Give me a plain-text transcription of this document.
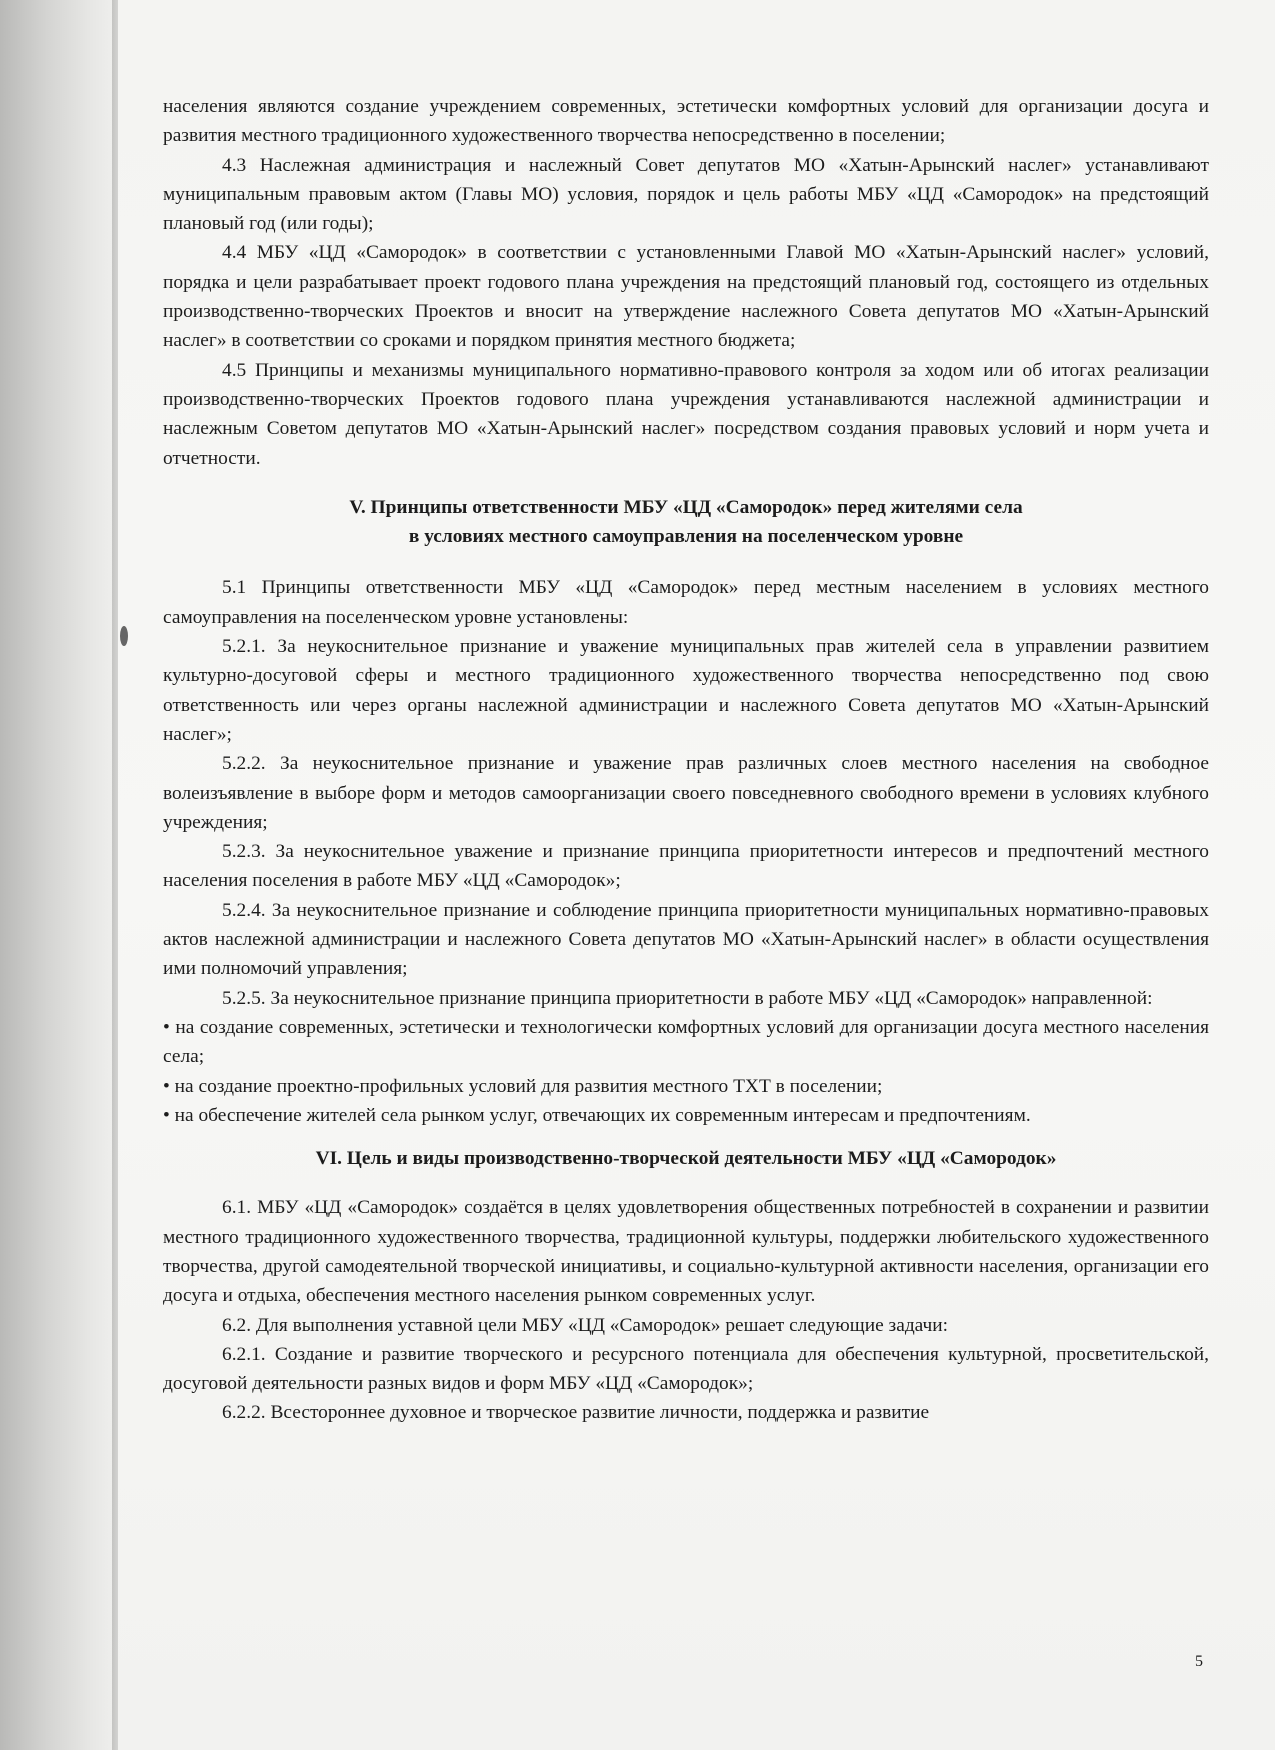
населения являются создание учреждением современных, эстетически комфортных условий для организации досуга и развития местного традиционного художественного творчества непосредственно в поселении;

4.3 Наслежная администрация и наслежный Совет депутатов МО «Хатын-Арынский наслег» устанавливают муниципальным правовым актом (Главы МО) условия, порядок и цель работы МБУ «ЦД «Самородок» на предстоящий плановый год (или годы);

4.4 МБУ «ЦД «Самородок» в соответствии с установленными Главой МО «Хатын-Арынский наслег» условий, порядка и цели разрабатывает проект годового плана учреждения на предстоящий плановый год, состоящего из отдельных производственно-творческих Проектов и вносит на утверждение наслежного Совета депутатов МО «Хатын-Арынский наслег» в соответствии со сроками и порядком принятия местного бюджета;

4.5 Принципы и механизмы муниципального нормативно-правового контроля за ходом или об итогах реализации производственно-творческих Проектов годового плана учреждения устанавливаются наслежной администрации и наслежным Советом депутатов МО «Хатын-Арынский наслег» посредством создания правовых условий и норм учета и отчетности.

V. Принципы ответственности МБУ «ЦД «Самородок» перед жителями села
в условиях местного самоуправления на поселенческом уровне

5.1 Принципы ответственности МБУ «ЦД «Самородок» перед местным населением в условиях местного самоуправления на поселенческом уровне установлены:

5.2.1. За неукоснительное признание и уважение муниципальных прав жителей села в управлении развитием культурно-досуговой сферы и местного традиционного художественного творчества непосредственно под свою ответственность или через органы наслежной администрации и наслежного Совета депутатов МО «Хатын-Арынский наслег»;

5.2.2. За неукоснительное признание и уважение прав различных слоев местного населения на свободное волеизъявление в выборе форм и методов самоорганизации своего повседневного свободного времени в условиях клубного учреждения;

5.2.3. За неукоснительное уважение и признание принципа приоритетности интересов и предпочтений местного населения поселения в работе МБУ «ЦД «Самородок»;

5.2.4. За неукоснительное признание и соблюдение принципа приоритетности муниципальных нормативно-правовых актов наслежной администрации и наслежного Совета депутатов МО «Хатын-Арынский наслег» в области осуществления ими полномочий управления;

5.2.5. За неукоснительное признание принципа приоритетности в работе МБУ «ЦД «Самородок» направленной:

• на создание современных, эстетически и технологически комфортных условий для организации досуга местного населения села;

• на создание проектно-профильных условий для развития местного ТХТ в поселении;

• на обеспечение жителей села рынком услуг, отвечающих их современным интересам и предпочтениям.

VI. Цель и виды производственно-творческой деятельности МБУ «ЦД «Самородок»

6.1. МБУ «ЦД «Самородок» создаётся в целях удовлетворения общественных потребностей в сохранении и развитии местного традиционного художественного творчества, традиционной культуры, поддержки любительского художественного творчества, другой самодеятельной творческой инициативы, и социально-культурной активности населения, организации его досуга и отдыха, обеспечения местного населения рынком современных услуг.

6.2. Для выполнения уставной цели МБУ «ЦД «Самородок» решает следующие задачи:

6.2.1. Создание и развитие творческого и ресурсного потенциала для обеспечения культурной, просветительской, досуговой деятельности разных видов и форм МБУ «ЦД «Самородок»;

6.2.2. Всестороннее духовное и творческое развитие личности, поддержка и развитие

5
